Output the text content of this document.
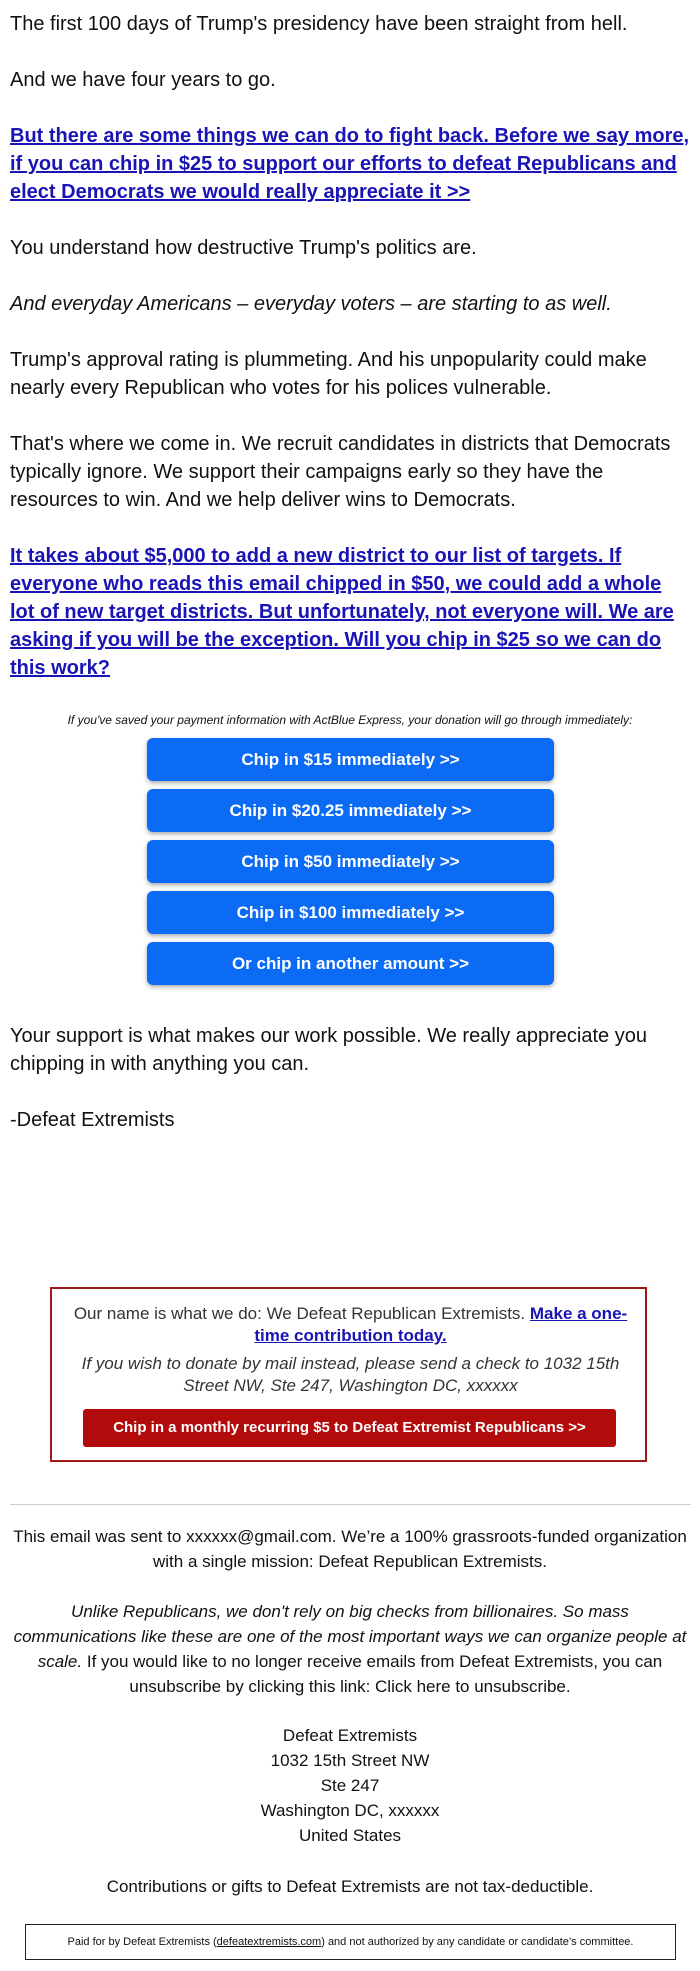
The first 100 days of Trump's presidency have been straight from hell.

And we have four years to go.

But there are some things we can do to fight back. Before we say more, if you can chip in $25 to support our efforts to defeat Republicans and elect Democrats we would really appreciate it >>

You understand how destructive Trump's politics are.

And everyday Americans – everyday voters – are starting to as well.

Trump's approval rating is plummeting. And his unpopularity could make nearly every Republican who votes for his polices vulnerable.

That's where we come in. We recruit candidates in districts that Democrats typically ignore. We support their campaigns early so they have the resources to win. And we help deliver wins to Democrats.

It takes about $5,000 to add a new district to our list of targets. If everyone who reads this email chipped in $50, we could add a whole lot of new target districts. But unfortunately, not everyone will. We are asking if you will be the exception. Will you chip in $25 so we can do this work?

If you've saved your payment information with ActBlue Express, your donation will go through immediately:
Chip in $15 immediately >>
Chip in $20.25 immediately >>
Chip in $50 immediately >>
Chip in $100 immediately >>
Or chip in another amount >>

Your support is what makes our work possible. We really appreciate you chipping in with anything you can.

-Defeat Extremists

Our name is what we do: We Defeat Republican Extremists. Make a one-time contribution today.
If you wish to donate by mail instead, please send a check to 1032 15th Street NW, Ste 247, Washington DC, xxxxxx
Chip in a monthly recurring $5 to Defeat Extremist Republicans >>
This email was sent to xxxxxx@gmail.com. We’re a 100% grassroots-funded organization with a single mission: Defeat Republican Extremists.
Unlike Republicans, we don't rely on big checks from billionaires. So mass communications like these are one of the most important ways we can organize people at scale. If you would like to no longer receive emails from Defeat Extremists, you can unsubscribe by clicking this link: Click here to unsubscribe.
Defeat Extremists
1032 15th Street NW
Ste 247
Washington DC, xxxxxx
United States
Contributions or gifts to Defeat Extremists are not tax-deductible.
Paid for by Defeat Extremists (defeatextremists.com) and not authorized by any candidate or candidate’s committee.
